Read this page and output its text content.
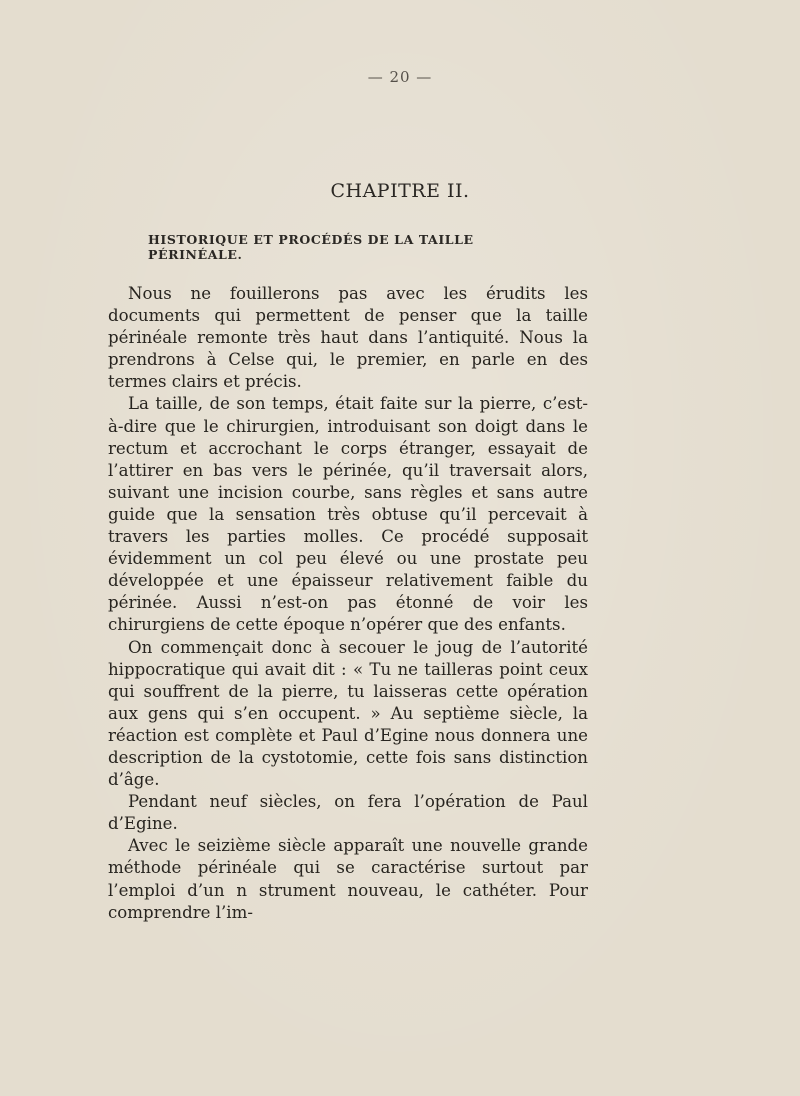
— 20 —
CHAPITRE II.
HISTORIQUE ET PROCÉDÉS DE LA TAILLE PÉRINÉALE.

Nous ne fouillerons pas avec les érudits les documents qui permettent de penser que la taille périnéale remonte très haut dans l’antiquité. Nous la prendrons à Celse qui, le premier, en parle en des termes clairs et précis.

La taille, de son temps, était faite sur la pierre, c’est-à-dire que le chirurgien, introduisant son doigt dans le rectum et accrochant le corps étranger, essayait de l’attirer en bas vers le périnée, qu’il traversait alors, suivant une incision courbe, sans règles et sans autre guide que la sensation très obtuse qu’il percevait à travers les parties molles. Ce procédé supposait évidemment un col peu élevé ou une prostate peu développée et une épaisseur relativement faible du périnée. Aussi n’est-on pas étonné de voir les chirurgiens de cette époque n’opérer que des enfants.

On commençait donc à secouer le joug de l’autorité hippocratique qui avait dit : « Tu ne tailleras point ceux qui souffrent de la pierre, tu laisseras cette opération aux gens qui s’en occupent. » Au septième siècle, la réaction est complète et Paul d’Egine nous donnera une description de la cystotomie, cette fois sans distinction d’âge.

Pendant neuf siècles, on fera l’opération de Paul d’Egine.

Avec le seizième siècle apparaît une nouvelle grande méthode périnéale qui se caractérise surtout par l’emploi d’un n strument nouveau, le cathéter. Pour comprendre l’im-
